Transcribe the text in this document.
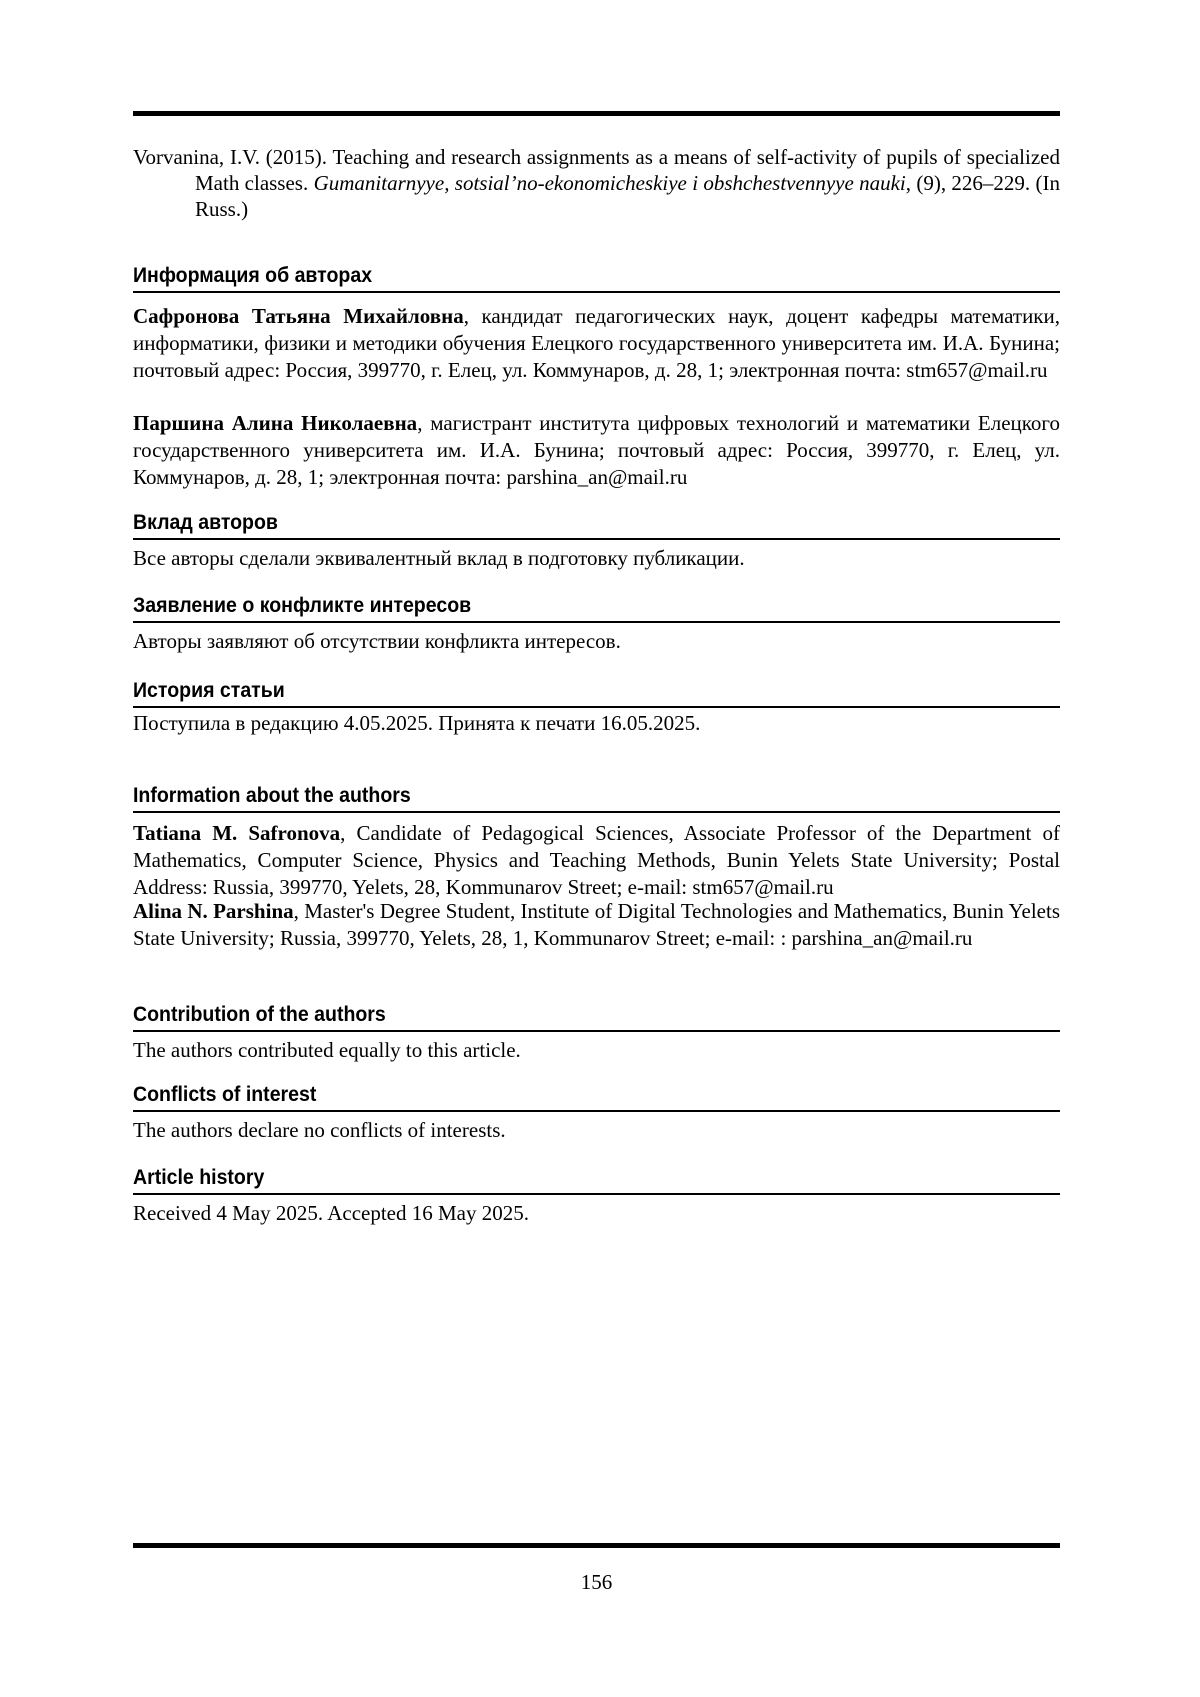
Vorvanina, I.V. (2015). Teaching and research assignments as a means of self-activity of pupils of specialized Math classes. Gumanitarnyye, sotsial’no-ekonomicheskiye i obshchestvennyye nauki, (9), 226–229. (In Russ.)

Информация об авторах

Сафронова Татьяна Михайловна, кандидат педагогических наук, доцент кафедры математики, информатики, физики и методики обучения Елецкого государственного университета им. И.А. Бунина; почтовый адрес: Россия, 399770, г. Елец, ул. Коммунаров, д. 28, 1; электронная почта: stm657@mail.ru

Паршина Алина Николаевна, магистрант института цифровых технологий и математики Елецкого государственного университета им. И.А. Бунина; почтовый адрес: Россия, 399770, г. Елец, ул. Коммунаров, д. 28, 1; электронная почта: parshina_an@mail.ru

Вклад авторов

Все авторы сделали эквивалентный вклад в подготовку публикации.

Заявление о конфликте интересов

Авторы заявляют об отсутствии конфликта интересов.

История статьи

Поступила в редакцию 4.05.2025. Принята к печати 16.05.2025.

Information about the authors

Tatiana M. Safronova, Candidate of Pedagogical Sciences, Associate Professor of the Department of Mathematics, Computer Science, Physics and Teaching Methods, Bunin Yelets State University; Postal Address: Russia, 399770, Yelets, 28, Kommunarov Street; e-mail: stm657@mail.ru

Alina N. Parshina, Master's Degree Student, Institute of Digital Technologies and Mathematics, Bunin Yelets State University; Russia, 399770, Yelets, 28, 1, Kommunarov Street; e-mail: : parshina_an@mail.ru

Contribution of the authors

The authors contributed equally to this article.

Conflicts of interest

The authors declare no conflicts of interests.

Article history

Received 4 May 2025. Accepted 16 May 2025.

156
